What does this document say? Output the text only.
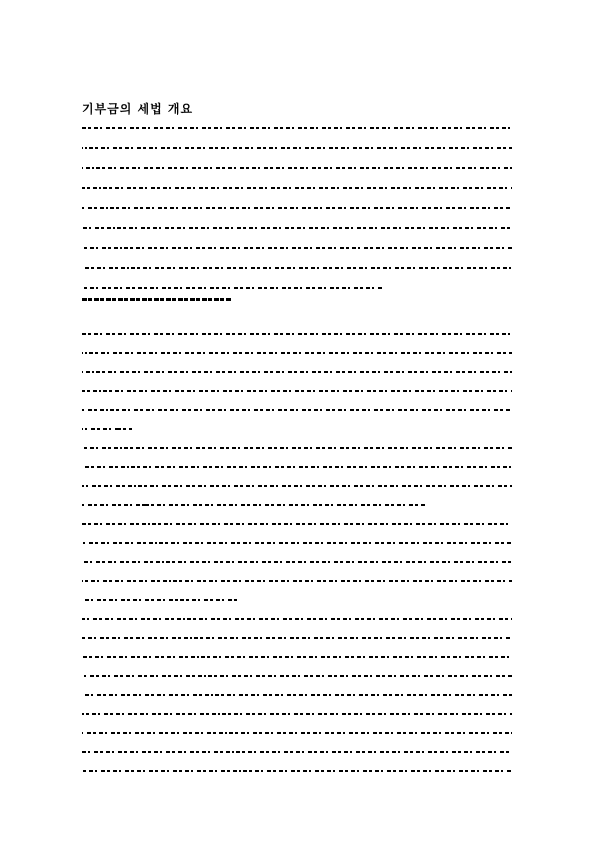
기부금의 세법 개요
